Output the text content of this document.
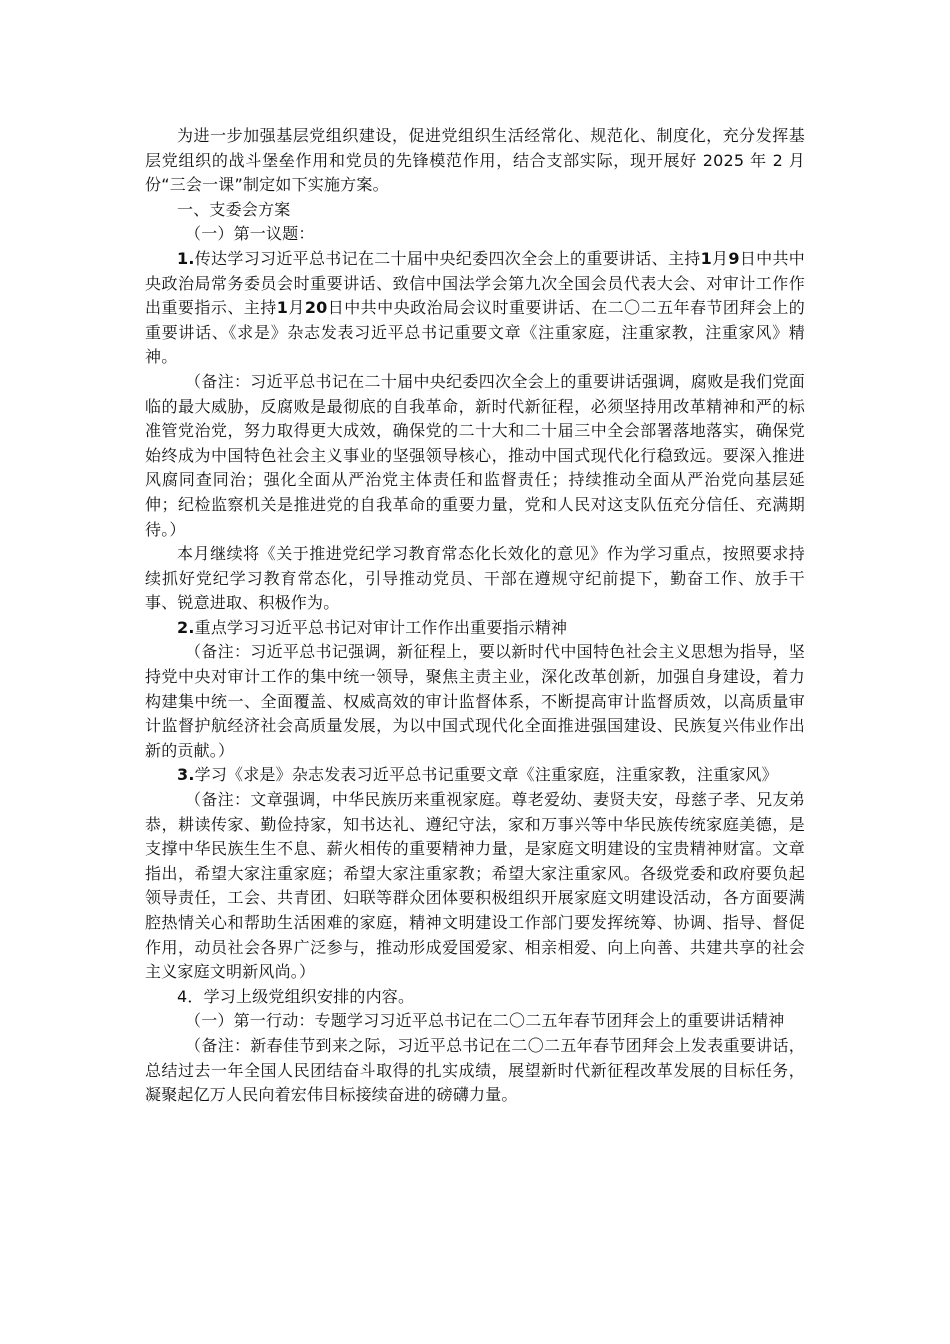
为进一步加强基层党组织建设，促进党组织生活经常化、规范化、制度化，充分发挥基层党组织的战斗堡垒作用和党员的先锋模范作用，结合支部实际，现开展好 2025 年 2 月份“三会一课”制定如下实施方案。

一、支委会方案

（一）第一议题：

1.传达学习习近平总书记在二十届中央纪委四次全会上的重要讲话、主持1月9日中共中央政治局常务委员会时重要讲话、致信中国法学会第九次全国会员代表大会、对审计工作作出重要指示、主持1月20日中共中央政治局会议时重要讲话、在二〇二五年春节团拜会上的重要讲话、《求是》杂志发表习近平总书记重要文章《注重家庭，注重家教，注重家风》精神。

（备注：习近平总书记在二十届中央纪委四次全会上的重要讲话强调，腐败是我们党面临的最大威胁，反腐败是最彻底的自我革命，新时代新征程，必须坚持用改革精神和严的标准管党治党，努力取得更大成效，确保党的二十大和二十届三中全会部署落地落实，确保党始终成为中国特色社会主义事业的坚强领导核心，推动中国式现代化行稳致远。要深入推进风腐同查同治；强化全面从严治党主体责任和监督责任；持续推动全面从严治党向基层延伸；纪检监察机关是推进党的自我革命的重要力量，党和人民对这支队伍充分信任、充满期待。）

本月继续将《关于推进党纪学习教育常态化长效化的意见》作为学习重点，按照要求持续抓好党纪学习教育常态化，引导推动党员、干部在遵规守纪前提下，勤奋工作、放手干事、锐意进取、积极作为。

2.重点学习习近平总书记对审计工作作出重要指示精神

（备注：习近平总书记强调，新征程上，要以新时代中国特色社会主义思想为指导，坚持党中央对审计工作的集中统一领导，聚焦主责主业，深化改革创新，加强自身建设，着力构建集中统一、全面覆盖、权威高效的审计监督体系，不断提高审计监督质效，以高质量审计监督护航经济社会高质量发展，为以中国式现代化全面推进强国建设、民族复兴伟业作出新的贡献。）

3.学习《求是》杂志发表习近平总书记重要文章《注重家庭，注重家教，注重家风》

（备注：文章强调，中华民族历来重视家庭。尊老爱幼、妻贤夫安，母慈子孝、兄友弟恭，耕读传家、勤俭持家，知书达礼、遵纪守法，家和万事兴等中华民族传统家庭美德，是支撑中华民族生生不息、薪火相传的重要精神力量，是家庭文明建设的宝贵精神财富。文章指出，希望大家注重家庭；希望大家注重家教；希望大家注重家风。各级党委和政府要负起领导责任，工会、共青团、妇联等群众团体要积极组织开展家庭文明建设活动，各方面要满腔热情关心和帮助生活困难的家庭，精神文明建设工作部门要发挥统筹、协调、指导、督促作用，动员社会各界广泛参与，推动形成爱国爱家、相亲相爱、向上向善、共建共享的社会主义家庭文明新风尚。）

4．学习上级党组织安排的内容。

（一）第一行动：专题学习习近平总书记在二〇二五年春节团拜会上的重要讲话精神

（备注：新春佳节到来之际，习近平总书记在二〇二五年春节团拜会上发表重要讲话，总结过去一年全国人民团结奋斗取得的扎实成绩，展望新时代新征程改革发展的目标任务，凝聚起亿万人民向着宏伟目标接续奋进的磅礴力量。
